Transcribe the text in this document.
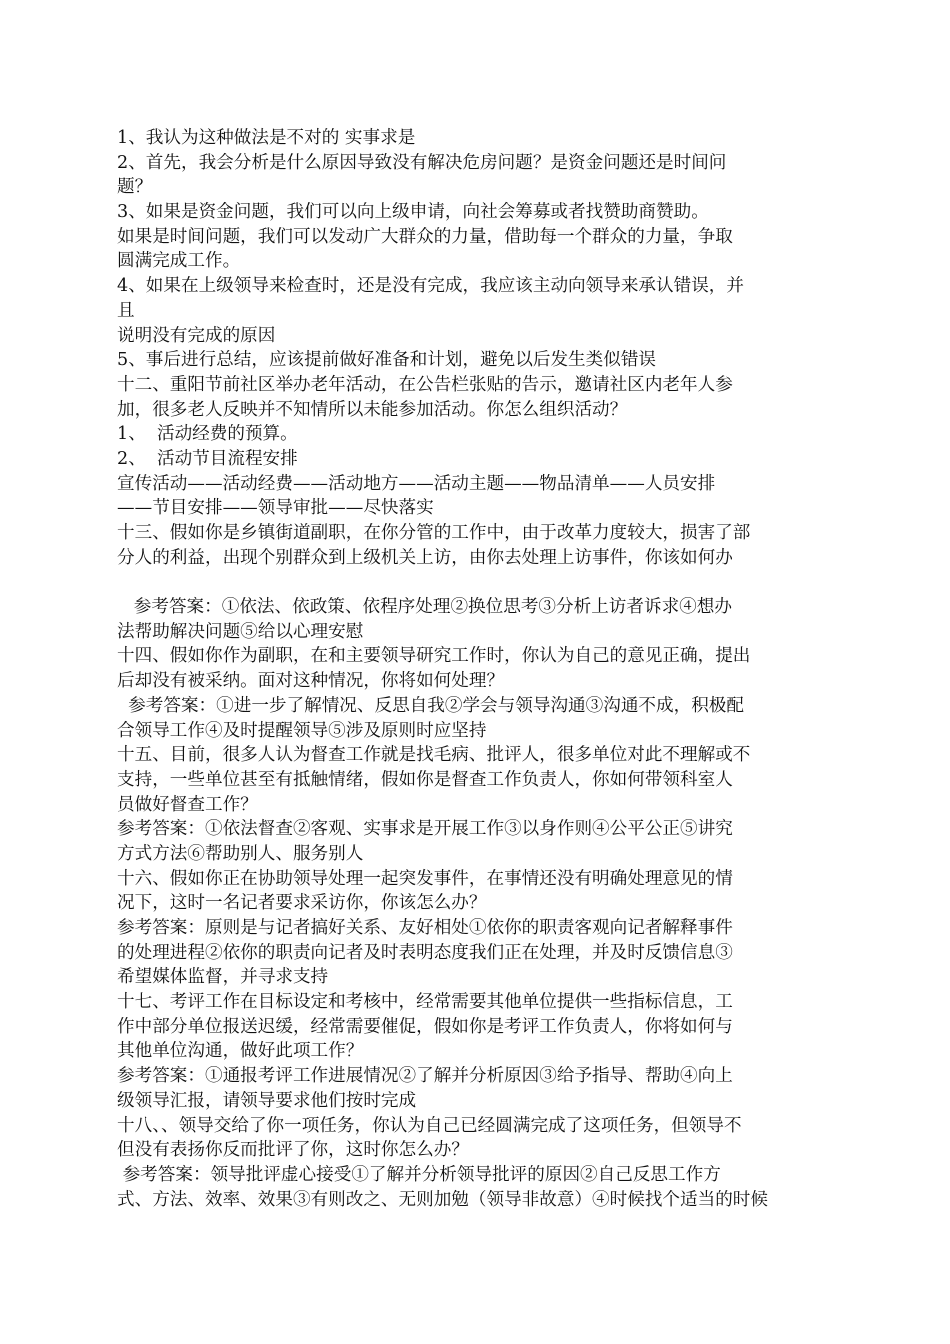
1、我认为这种做法是不对的 实事求是
2、首先，我会分析是什么原因导致没有解决危房问题？是资金问题还是时间问
题？
3、如果是资金问题，我们可以向上级申请，向社会筹募或者找赞助商赞助。
如果是时间问题，我们可以发动广大群众的力量，借助每一个群众的力量，争取
圆满完成工作。
4、如果在上级领导来检查时，还是没有完成，我应该主动向领导来承认错误，并
且
说明没有完成的原因
5、事后进行总结，应该提前做好准备和计划，避免以后发生类似错误
十二、重阳节前社区举办老年活动，在公告栏张贴的告示，邀请社区内老年人参
加，很多老人反映并不知情所以未能参加活动。你怎么组织活动？
1、  活动经费的预算。
2、  活动节目流程安排
宣传活动——活动经费——活动地方——活动主题——物品清单——人员安排
——节目安排——领导审批——尽快落实
十三、假如你是乡镇街道副职，在你分管的工作中，由于改革力度较大，损害了部
分人的利益，出现个别群众到上级机关上访，由你去处理上访事件，你该如何办
参考答案：①依法、依政策、依程序处理②换位思考③分析上访者诉求④想办
法帮助解决问题⑤给以心理安慰
十四、假如你作为副职，在和主要领导研究工作时，你认为自己的意见正确，提出
后却没有被采纳。面对这种情况，你将如何处理？
参考答案：①进一步了解情况、反思自我②学会与领导沟通③沟通不成，积极配
合领导工作④及时提醒领导⑤涉及原则时应坚持
十五、目前，很多人认为督查工作就是找毛病、批评人，很多单位对此不理解或不
支持，一些单位甚至有抵触情绪，假如你是督查工作负责人，你如何带领科室人
员做好督查工作？
参考答案：①依法督查②客观、实事求是开展工作③以身作则④公平公正⑤讲究
方式方法⑥帮助别人、服务别人
十六、假如你正在协助领导处理一起突发事件，在事情还没有明确处理意见的情
况下，这时一名记者要求采访你，你该怎么办？
参考答案：原则是与记者搞好关系、友好相处①依你的职责客观向记者解释事件
的处理进程②依你的职责向记者及时表明态度我们正在处理，并及时反馈信息③
希望媒体监督，并寻求支持
十七、考评工作在目标设定和考核中，经常需要其他单位提供一些指标信息，工
作中部分单位报送迟缓，经常需要催促，假如你是考评工作负责人，你将如何与
其他单位沟通，做好此项工作？
参考答案：①通报考评工作进展情况②了解并分析原因③给予指导、帮助④向上
级领导汇报，请领导要求他们按时完成
十八、、领导交给了你一项任务，你认为自己已经圆满完成了这项任务，但领导不
但没有表扬你反而批评了你，这时你怎么办？
参考答案：领导批评虚心接受①了解并分析领导批评的原因②自己反思工作方
式、方法、效率、效果③有则改之、无则加勉（领导非故意）④时候找个适当的时候
